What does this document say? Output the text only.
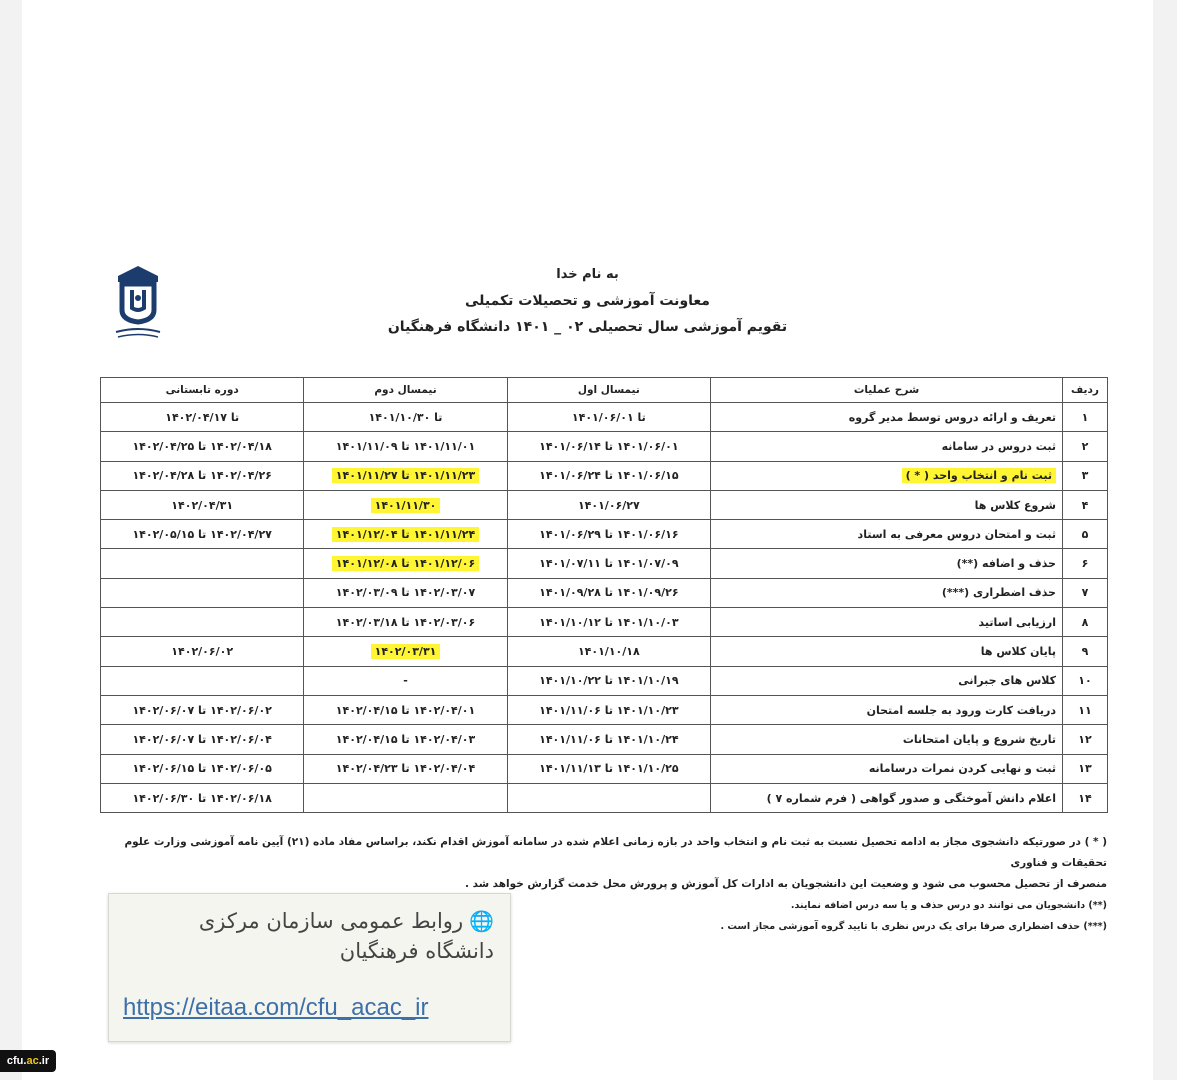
به نام خدا
معاونت آموزشی و تحصیلات تکمیلی
تقویم آموزشی سال تحصیلی ۰۲ _ ۱۴۰۱ دانشگاه فرهنگیان
ردیف	شرح عملیات	نیمسال اول	نیمسال دوم	دوره تابستانی
۱	تعریف و ارائه دروس توسط مدیر گروه	تا ۱۴۰۱/۰۶/۰۱	تا ۱۴۰۱/۱۰/۳۰	تا ۱۴۰۲/۰۴/۱۷
۲	ثبت دروس در سامانه	۱۴۰۱/۰۶/۰۱ تا ۱۴۰۱/۰۶/۱۴	۱۴۰۱/۱۱/۰۱ تا ۱۴۰۱/۱۱/۰۹	۱۴۰۲/۰۴/۱۸ تا ۱۴۰۲/۰۴/۲۵
۳	ثبت نام و انتخاب واحد ( * )	۱۴۰۱/۰۶/۱۵ تا ۱۴۰۱/۰۶/۲۴	۱۴۰۱/۱۱/۲۳ تا ۱۴۰۱/۱۱/۲۷	۱۴۰۲/۰۴/۲۶ تا ۱۴۰۲/۰۴/۲۸
۴	شروع کلاس ها	۱۴۰۱/۰۶/۲۷	۱۴۰۱/۱۱/۳۰	۱۴۰۲/۰۴/۳۱
۵	ثبت و امتحان دروس معرفی به استاد	۱۴۰۱/۰۶/۱۶ تا ۱۴۰۱/۰۶/۲۹	۱۴۰۱/۱۱/۲۴ تا ۱۴۰۱/۱۲/۰۴	۱۴۰۲/۰۴/۲۷ تا ۱۴۰۲/۰۵/۱۵
۶	حذف و اضافه (**)	۱۴۰۱/۰۷/۰۹ تا ۱۴۰۱/۰۷/۱۱	۱۴۰۱/۱۲/۰۶ تا ۱۴۰۱/۱۲/۰۸	
۷	حذف اضطراری (***)	۱۴۰۱/۰۹/۲۶ تا ۱۴۰۱/۰۹/۲۸	۱۴۰۲/۰۳/۰۷ تا ۱۴۰۲/۰۳/۰۹	
۸	ارزیابی اساتید	۱۴۰۱/۱۰/۰۳ تا ۱۴۰۱/۱۰/۱۲	۱۴۰۲/۰۳/۰۶ تا ۱۴۰۲/۰۳/۱۸	
۹	پایان کلاس ها	۱۴۰۱/۱۰/۱۸	۱۴۰۲/۰۳/۳۱	۱۴۰۲/۰۶/۰۲
۱۰	کلاس های جبرانی	۱۴۰۱/۱۰/۱۹ تا ۱۴۰۱/۱۰/۲۲	-	
۱۱	دریافت کارت ورود به جلسه امتحان	۱۴۰۱/۱۰/۲۳ تا ۱۴۰۱/۱۱/۰۶	۱۴۰۲/۰۴/۰۱ تا ۱۴۰۲/۰۴/۱۵	۱۴۰۲/۰۶/۰۲ تا ۱۴۰۲/۰۶/۰۷
۱۲	تاریخ شروع و پایان امتحانات	۱۴۰۱/۱۰/۲۴ تا ۱۴۰۱/۱۱/۰۶	۱۴۰۲/۰۴/۰۳ تا ۱۴۰۲/۰۴/۱۵	۱۴۰۲/۰۶/۰۴ تا ۱۴۰۲/۰۶/۰۷
۱۳	ثبت و نهایی کردن نمرات درسامانه	۱۴۰۱/۱۰/۲۵ تا ۱۴۰۱/۱۱/۱۳	۱۴۰۲/۰۴/۰۴ تا ۱۴۰۲/۰۴/۲۳	۱۴۰۲/۰۶/۰۵ تا ۱۴۰۲/۰۶/۱۵
۱۴	اعلام دانش آموختگی و صدور گواهی ( فرم شماره ۷ )			۱۴۰۲/۰۶/۱۸ تا ۱۴۰۲/۰۶/۳۰

( * ) در صورتیکه دانشجوی مجاز به ادامه تحصیل نسبت به ثبت نام و انتخاب واحد در بازه زمانی اعلام شده در سامانه آموزش اقدام نکند، براساس مفاد ماده (۲۱) آیین نامه آموزشی وزارت علوم تحقیقات و فناوری

منصرف از تحصیل محسوب می شود و وضعیت این دانشجویان به ادارات کل آموزش و پرورش محل خدمت گزارش خواهد شد .

(**) دانشجویان می توانند دو درس حذف و یا سه درس اضافه نمایند.

(***) حذف اضطراری صرفا برای یک درس نظری با تایید گروه آموزشی مجاز است .

🌐روابط عمومی سازمان مرکزی دانشگاه فرهنگیان
https://eitaa.com/cfu_acac_ir
cfu. ac .ir
